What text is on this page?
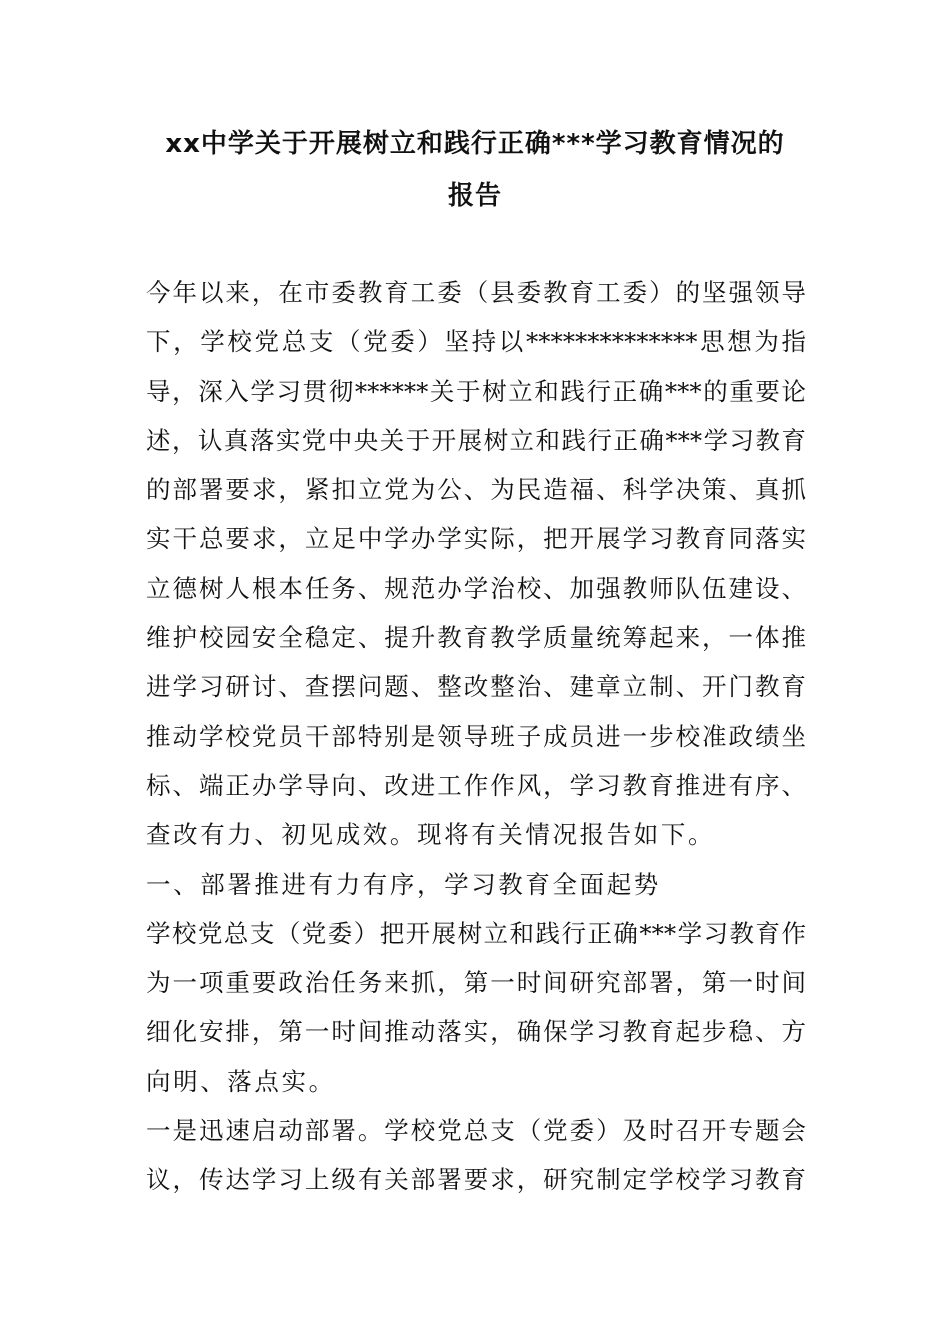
xx中学关于开展树立和践行正确***学习教育情况的
报告
今年以来，在市委教育工委（县委教育工委）的坚强领导
下，学校党总支（党委）坚持以**************思想为指
导，深入学习贯彻******关于树立和践行正确***的重要论
述，认真落实党中央关于开展树立和践行正确***学习教育
的部署要求，紧扣立党为公、为民造福、科学决策、真抓
实干总要求，立足中学办学实际，把开展学习教育同落实
立德树人根本任务、规范办学治校、加强教师队伍建设、
维护校园安全稳定、提升教育教学质量统筹起来，一体推
进学习研讨、查摆问题、整改整治、建章立制、开门教育
推动学校党员干部特别是领导班子成员进一步校准政绩坐
标、端正办学导向、改进工作作风，学习教育推进有序、
查改有力、初见成效。现将有关情况报告如下。
一、部署推进有力有序，学习教育全面起势
学校党总支（党委）把开展树立和践行正确***学习教育作
为一项重要政治任务来抓，第一时间研究部署，第一时间
细化安排，第一时间推动落实，确保学习教育起步稳、方
向明、落点实。
一是迅速启动部署。学校党总支（党委）及时召开专题会
议，传达学习上级有关部署要求，研究制定学校学习教育
